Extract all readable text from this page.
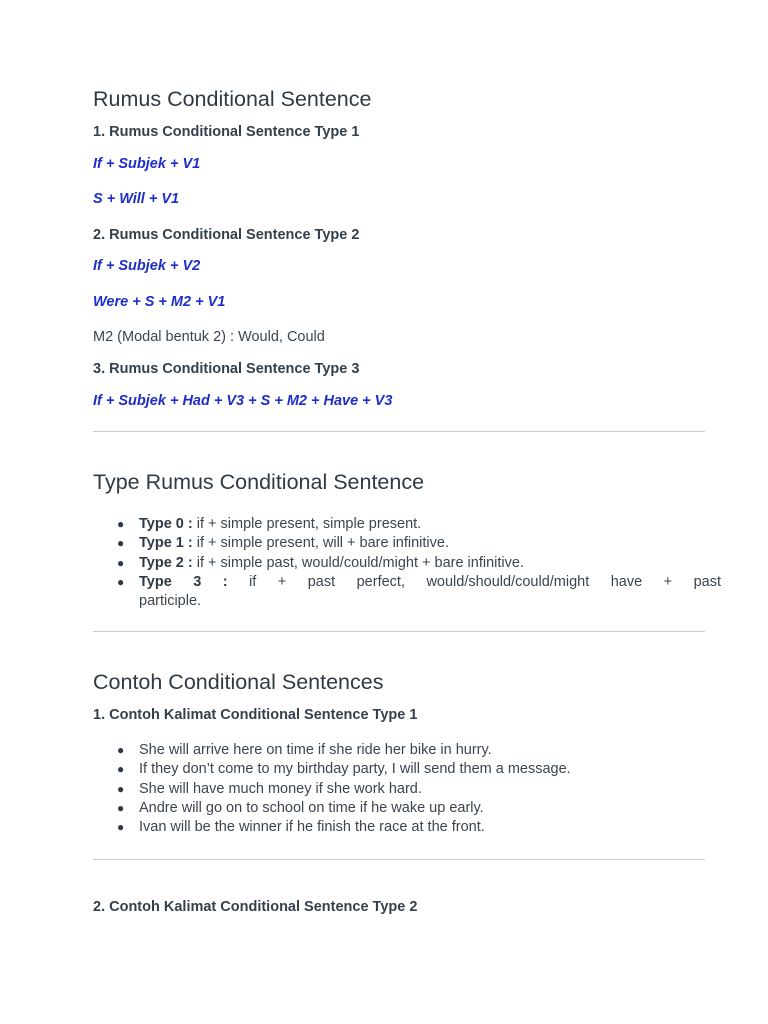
Rumus Conditional Sentence
1. Rumus Conditional Sentence Type 1

If + Subjek + V1

S + Will + V1

2. Rumus Conditional Sentence Type 2

If + Subjek + V2

Were + S + M2 + V1

M2 (Modal bentuk 2) : Would, Could

3. Rumus Conditional Sentence Type 3

If + Subjek + Had + V3 + S + M2 + Have + V3

Type Rumus Conditional Sentence
● Type 0 : if + simple present, simple present.
● Type 1 : if + simple present, will + bare infinitive.
● Type 2 : if + simple past, would/could/might + bare infinitive.
● Type 3 : if + past perfect, would/should/could/might have + past participle.
Contoh Conditional Sentences
1. Contoh Kalimat Conditional Sentence Type 1
● She will arrive here on time if she ride her bike in hurry.
● If they don’t come to my birthday party, I will send them a message.
● She will have much money if she work hard.
● Andre will go on to school on time if he wake up early.
● Ivan will be the winner if he finish the race at the front.
2. Contoh Kalimat Conditional Sentence Type 2
